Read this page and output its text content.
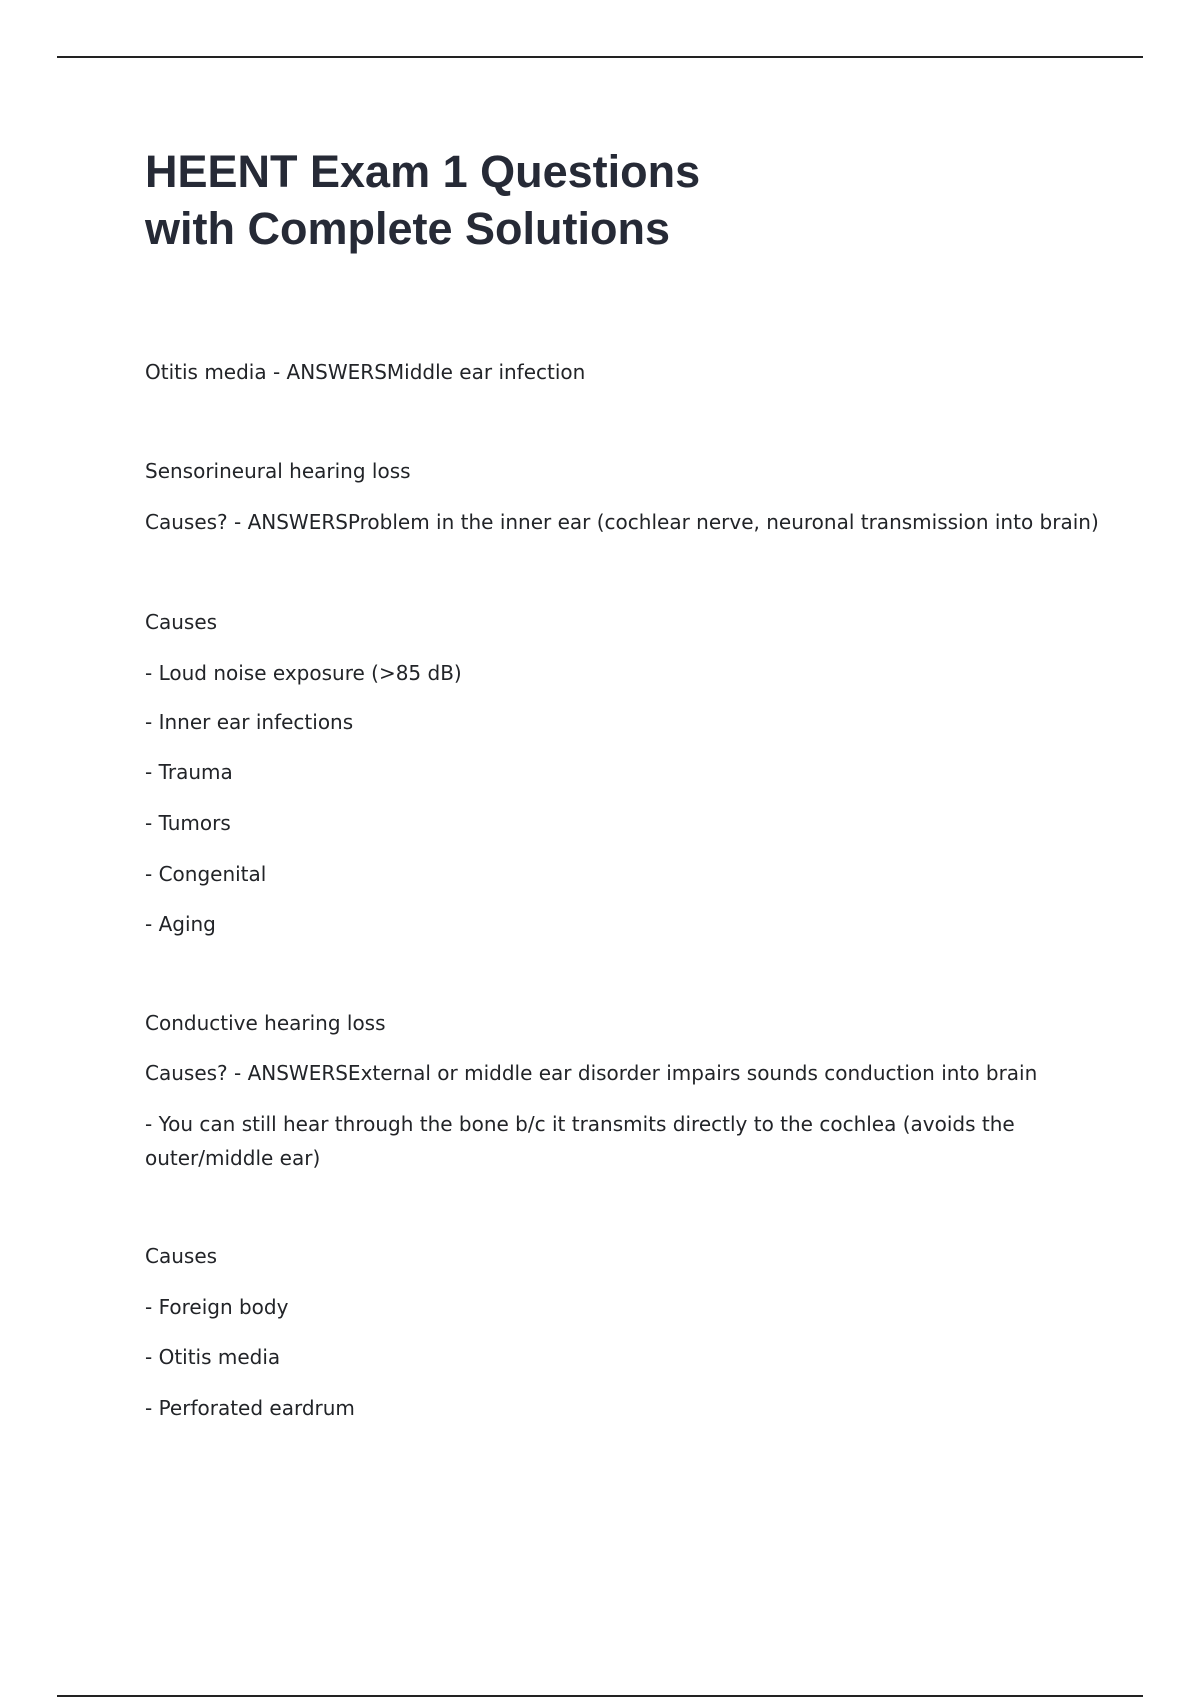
HEENT Exam 1 Questions with Complete Solutions
Otitis media - ANSWERSMiddle ear infection
Sensorineural hearing loss
Causes? - ANSWERSProblem in the inner ear (cochlear nerve, neuronal transmission into brain)
Causes
- Loud noise exposure (>85 dB)
- Inner ear infections
- Trauma
- Tumors
- Congenital
- Aging
Conductive hearing loss
Causes? - ANSWERSExternal or middle ear disorder impairs sounds conduction into brain
- You can still hear through the bone b/c it transmits directly to the cochlea (avoids the outer/middle ear)
Causes
- Foreign body
- Otitis media
- Perforated eardrum
